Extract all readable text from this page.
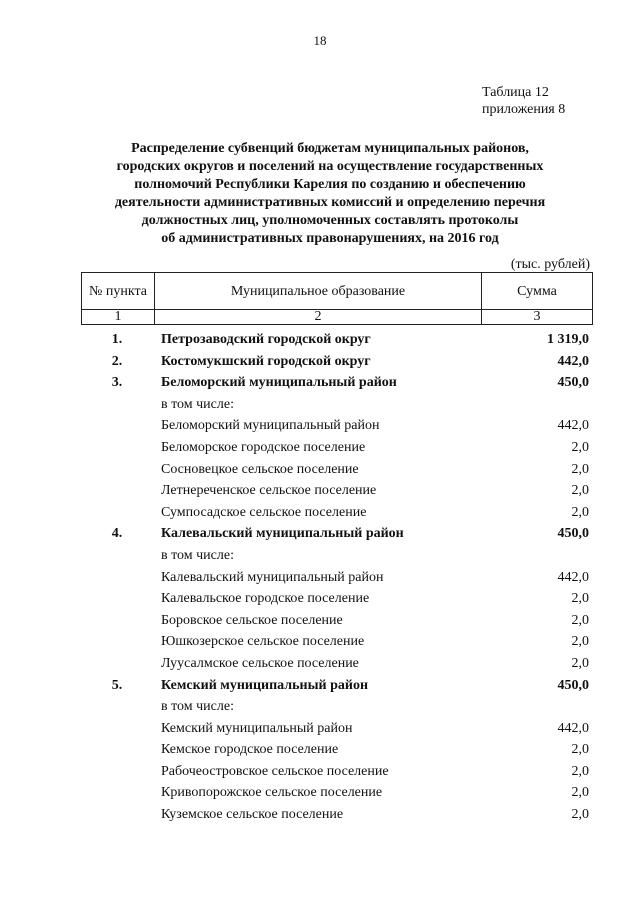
18
Таблица 12
приложения 8
Распределение субвенций бюджетам муниципальных районов,
городских округов и поселений на осуществление государственных
полномочий Республики Карелия по созданию и обеспечению
деятельности административных комиссий и определению перечня
должностных лиц, уполномоченных составлять протоколы
об административных правонарушениях, на 2016 год
(тыс. рублей)
№ пункта	Муниципальное образование	Сумма
1	2	3
1.	Петрозаводский городской округ	1 319,0
2.	Костомукшский городской округ	442,0
3.	Беломорский муниципальный район	450,0
в том числе:
Беломорский муниципальный район	442,0
Беломорское городское поселение	2,0
Сосновецкое сельское поселение	2,0
Летнереченское сельское поселение	2,0
Сумпосадское сельское поселение	2,0
4.	Калевальский муниципальный район	450,0
в том числе:
Калевальский муниципальный район	442,0
Калевальское городское поселение	2,0
Боровское сельское поселение	2,0
Юшкозерское сельское поселение	2,0
Луусалмское сельское поселение	2,0
5.	Кемский муниципальный район	450,0
в том числе:
Кемский муниципальный район	442,0
Кемское городское поселение	2,0
Рабочеостровское сельское поселение	2,0
Кривопорожское сельское поселение	2,0
Куземское сельское поселение	2,0
